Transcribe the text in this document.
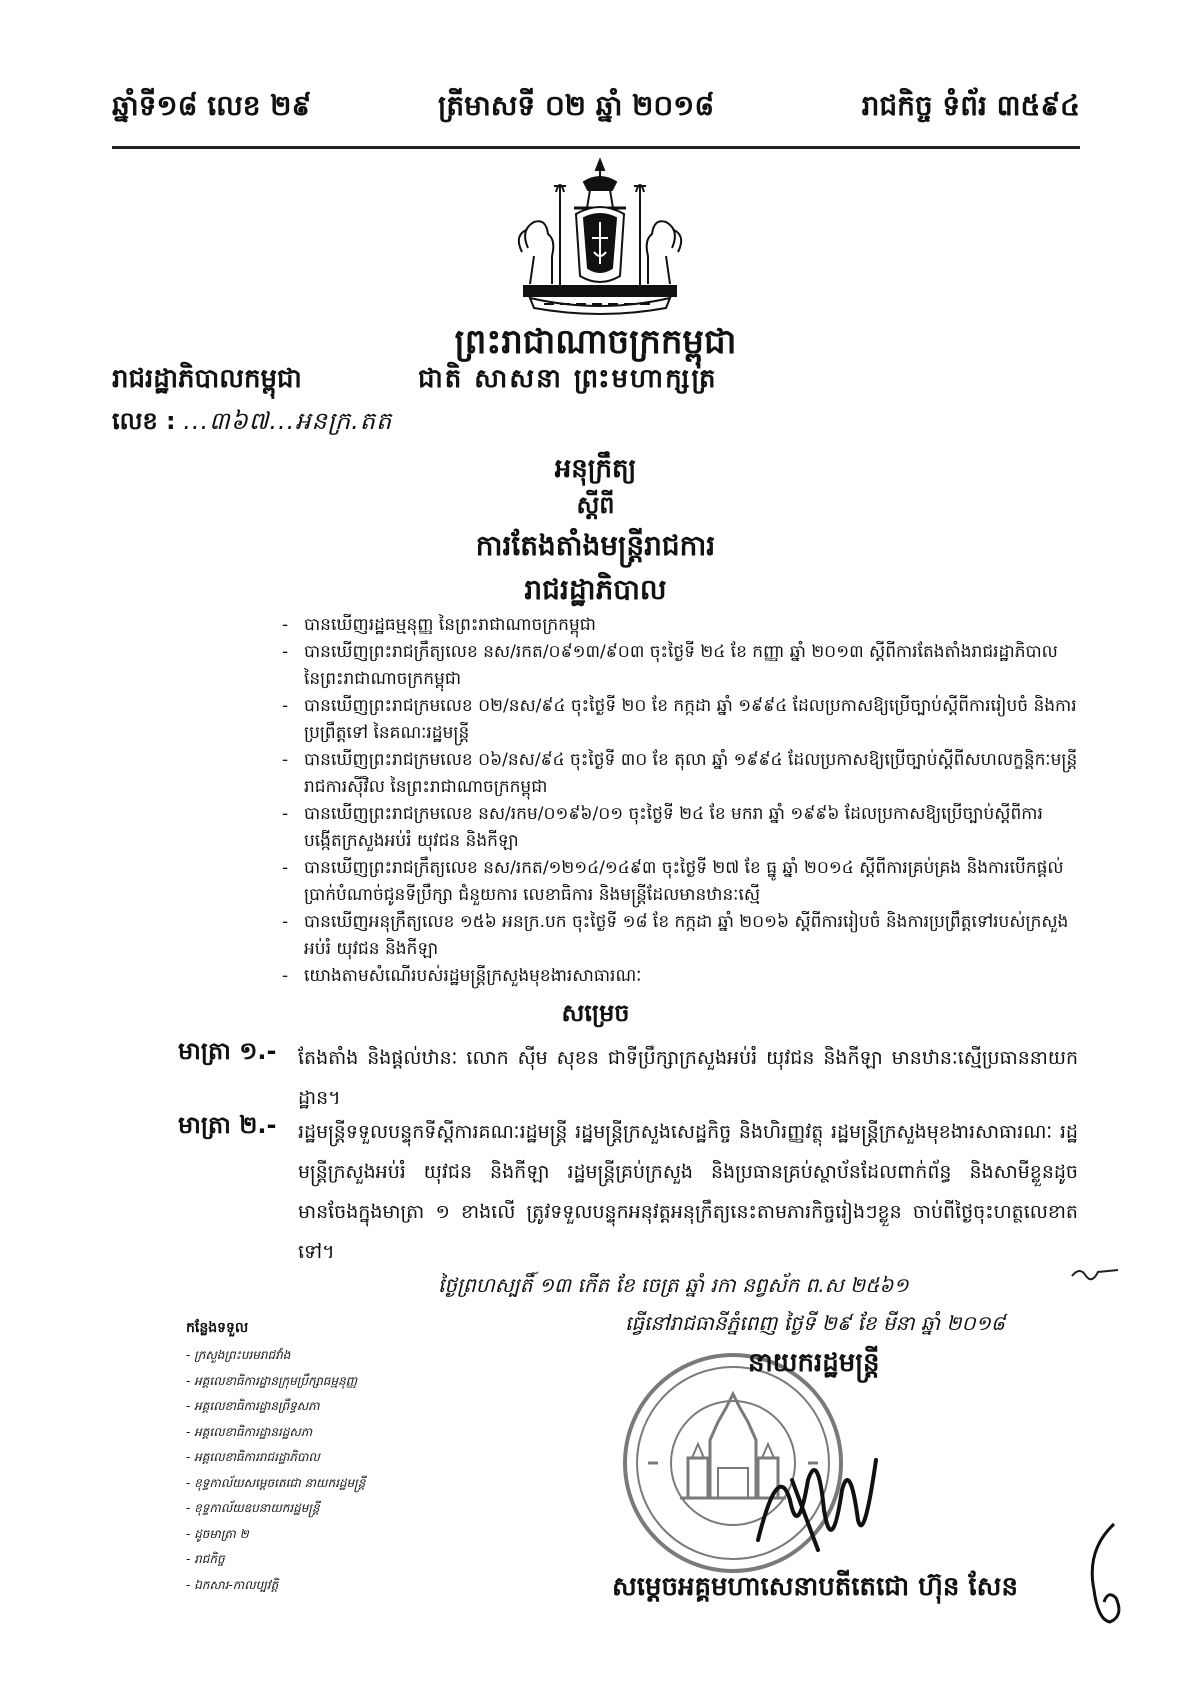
ឆ្នាំទី១៨ លេខ ២៩	ត្រីមាសទី ០២ ឆ្នាំ ២០១៨	រាជកិច្ច ទំព័រ ៣៥៩៤
ព្រះរាជាណាចក្រកម្ពុជា
រាជរដ្ឋាភិបាលកម្ពុជា	ជាតិ សាសនា ព្រះមហាក្សត្រ
លេខ : ...៣៦៧...អនក្រ.តត
អនុក្រឹត្យ
ស្ដីពី
ការតែងតាំងមន្ត្រីរាជការ
រាជរដ្ឋាភិបាល
- បានឃើញរដ្ឋធម្មនុញ្ញ នៃព្រះរាជាណាចក្រកម្ពុជា
- បានឃើញព្រះរាជក្រឹត្យលេខ នស/រកត/០៩១៣/៩០៣ ចុះថ្ងៃទី ២៤ ខែ កញ្ញា ឆ្នាំ ២០១៣ ស្ដីពីការតែងតាំងរាជរដ្ឋាភិបាល នៃព្រះរាជាណាចក្រកម្ពុជា
- បានឃើញព្រះរាជក្រមលេខ ០២/នស/៩៤ ចុះថ្ងៃទី ២០ ខែ កក្កដា ឆ្នាំ ១៩៩៤ ដែលប្រកាសឱ្យប្រើច្បាប់ស្ដីពីការរៀបចំ និងការប្រព្រឹត្តទៅ នៃគណៈរដ្ឋមន្ត្រី
- បានឃើញព្រះរាជក្រមលេខ ០៦/នស/៩៤ ចុះថ្ងៃទី ៣០ ខែ តុលា ឆ្នាំ ១៩៩៤ ដែលប្រកាសឱ្យប្រើច្បាប់ស្ដីពីសហលក្ខន្តិកៈមន្ត្រីរាជការស៊ីវិល នៃព្រះរាជាណាចក្រកម្ពុជា
- បានឃើញព្រះរាជក្រមលេខ នស/រកម/០១៩៦/០១ ចុះថ្ងៃទី ២៤ ខែ មករា ឆ្នាំ ១៩៩៦ ដែលប្រកាសឱ្យប្រើច្បាប់ស្ដីពីការបង្កើតក្រសួងអប់រំ យុវជន និងកីឡា
- បានឃើញព្រះរាជក្រឹត្យលេខ នស/រកត/១២១៤/១៤៩៣ ចុះថ្ងៃទី ២៧ ខែ ធ្នូ ឆ្នាំ ២០១៤ ស្ដីពីការគ្រប់គ្រង និងការបើកផ្ដល់ប្រាក់បំណាច់ជូនទីប្រឹក្សា ជំនួយការ លេខាធិការ និងមន្ត្រីដែលមានឋានៈស្មើ
- បានឃើញអនុក្រឹត្យលេខ ១៥៦ អនក្រ.បក ចុះថ្ងៃទី ១៨ ខែ កក្កដា ឆ្នាំ ២០១៦ ស្ដីពីការរៀបចំ និងការប្រព្រឹត្តទៅរបស់ក្រសួងអប់រំ យុវជន និងកីឡា
- យោងតាមសំណើរបស់រដ្ឋមន្ត្រីក្រសួងមុខងារសាធារណៈ
សម្រេច
មាត្រា ១.- តែងតាំង និងផ្ដល់ឋានៈ លោក ស៊ីម សុខន ជាទីប្រឹក្សាក្រសួងអប់រំ យុវជន និងកីឡា មានឋានៈស្មើប្រធាននាយកដ្ឋាន។
មាត្រា ២.- រដ្ឋមន្ត្រីទទួលបន្ទុកទីស្ដីការគណៈរដ្ឋមន្ត្រី រដ្ឋមន្ត្រីក្រសួងសេដ្ឋកិច្ច និងហិរញ្ញវត្ថុ រដ្ឋមន្ត្រីក្រសួងមុខងារសាធារណៈ រដ្ឋមន្ត្រីក្រសួងអប់រំ យុវជន និងកីឡា រដ្ឋមន្ត្រីគ្រប់ក្រសួង និងប្រធានគ្រប់ស្ថាប័នដែលពាក់ព័ន្ធ និងសាមីខ្លួនដូចមានចែងក្នុងមាត្រា ១ ខាងលើ ត្រូវទទួលបន្ទុកអនុវត្តអនុក្រឹត្យនេះតាមភារកិច្ចរៀងៗខ្លួន ចាប់ពីថ្ងៃចុះហត្ថលេខាតទៅ។
ថ្ងៃព្រហស្បតិ៍ ១៣ កើត ខែ ចេត្រ ឆ្នាំ រកា នព្វស័ក ព.ស ២៥៦១
ធ្វើនៅរាជធានីភ្នំពេញ ថ្ងៃទី ២៩ ខែ មីនា ឆ្នាំ ២០១៨
នាយករដ្ឋមន្ត្រី
សម្ដេចអគ្គមហាសេនាបតីតេជោ ហ៊ុន សែន
កន្លែងទទួល
- ក្រសួងព្រះបរមរាជវាំង
- អគ្គលេខាធិការដ្ឋានក្រុមប្រឹក្សាធម្មនុញ្ញ
- អគ្គលេខាធិការដ្ឋានព្រឹទ្ធសភា
- អគ្គលេខាធិការដ្ឋានរដ្ឋសភា
- អគ្គលេខាធិការរាជរដ្ឋាភិបាល
- ខុទ្ទកាល័យសម្ដេចតេជោ នាយករដ្ឋមន្ត្រី
- ខុទ្ទកាល័យឧបនាយករដ្ឋមន្ត្រី
- ដូចមាត្រា ២
- រាជកិច្ច
- ឯកសារ-កាលប្បវត្តិ
